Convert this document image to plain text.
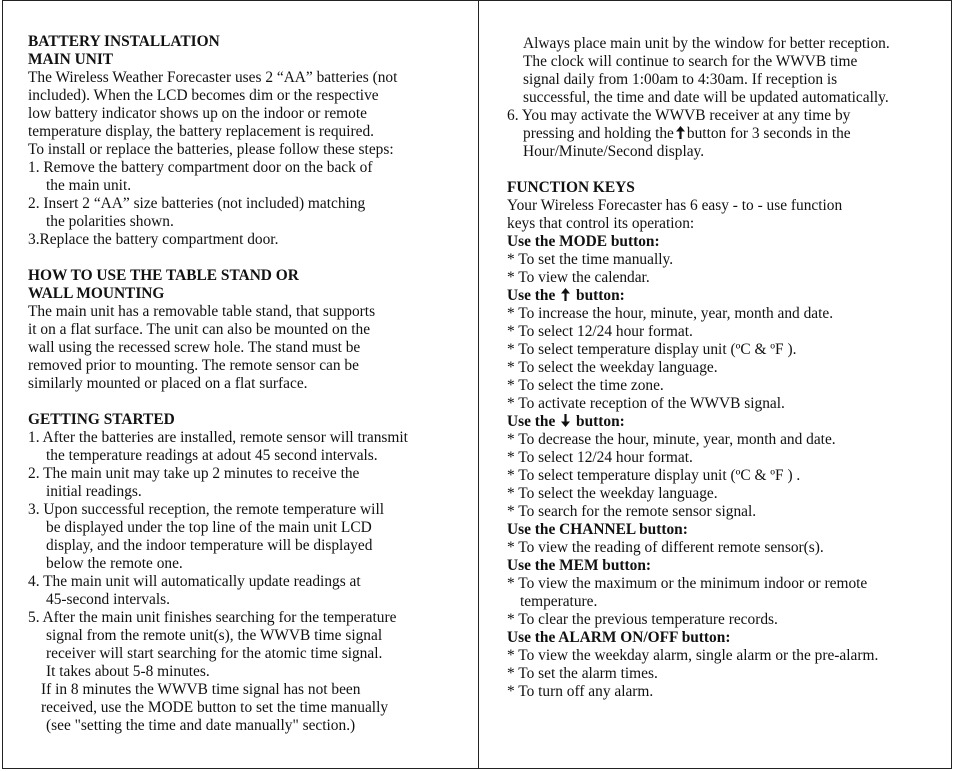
BATTERY INSTALLATION
MAIN UNIT
The Wireless Weather Forecaster uses 2 “AA” batteries (not
included). When the LCD becomes dim or the respective
low battery indicator shows up on the indoor or remote
temperature display, the battery replacement is required.
To install or replace the batteries, please follow these steps:
1. Remove the battery compartment door on the back of
the main unit.
2. Insert 2 “AA” size batteries (not included) matching
the polarities shown.
3.Replace the battery compartment door.
HOW TO USE THE TABLE STAND OR
WALL MOUNTING
The main unit has a removable table stand, that supports
it on a flat surface. The unit can also be mounted on the
wall using the recessed screw hole. The stand must be
removed prior to mounting. The remote sensor can be
similarly mounted or placed on a flat surface.
GETTING STARTED
1. After the batteries are installed, remote sensor will transmit
the temperature readings at adout 45 second intervals.
2. The main unit may take up 2 minutes to receive the
initial readings.
3. Upon successful reception, the remote temperature will
be displayed under the top line of the main unit LCD
display, and the indoor temperature will be displayed
below the remote one.
4. The main unit will automatically update readings at
45-second intervals.
5. After the main unit finishes searching for the temperature
signal from the remote unit(s), the WWVB time signal
receiver will start searching for the atomic time signal.
It takes about 5-8 minutes.
If in 8 minutes the WWVB time signal has not been
received, use the MODE button to set the time manually
(see "setting the time and date manually" section.)
Always place main unit by the window for better reception.
The clock will continue to search for the WWVB time
signal daily from 1:00am to 4:30am. If reception is
successful, the time and date will be updated automatically.
6. You may activate the WWVB receiver at any time by
pressing and holding the button for 3 seconds in the
Hour/Minute/Second display.
FUNCTION KEYS
Your Wireless Forecaster has 6 easy - to - use function
keys that control its operation:
Use the MODE button:
* To set the time manually.
* To view the calendar.
Use the button:
* To increase the hour, minute, year, month and date.
* To select 12/24 hour format.
* To select temperature display unit (ºC & ºF ).
* To select the weekday language.
* To select the time zone.
* To activate reception of the WWVB signal.
Use the button:
* To decrease the hour, minute, year, month and date.
* To select 12/24 hour format.
* To select temperature display unit (ºC & ºF ) .
* To select the weekday language.
* To search for the remote sensor signal.
Use the CHANNEL button:
* To view the reading of different remote sensor(s).
Use the MEM button:
* To view the maximum or the minimum indoor or remote
temperature.
* To clear the previous temperature records.
Use the ALARM ON/OFF button:
* To view the weekday alarm, single alarm or the pre-alarm.
* To set the alarm times.
* To turn off any alarm.
